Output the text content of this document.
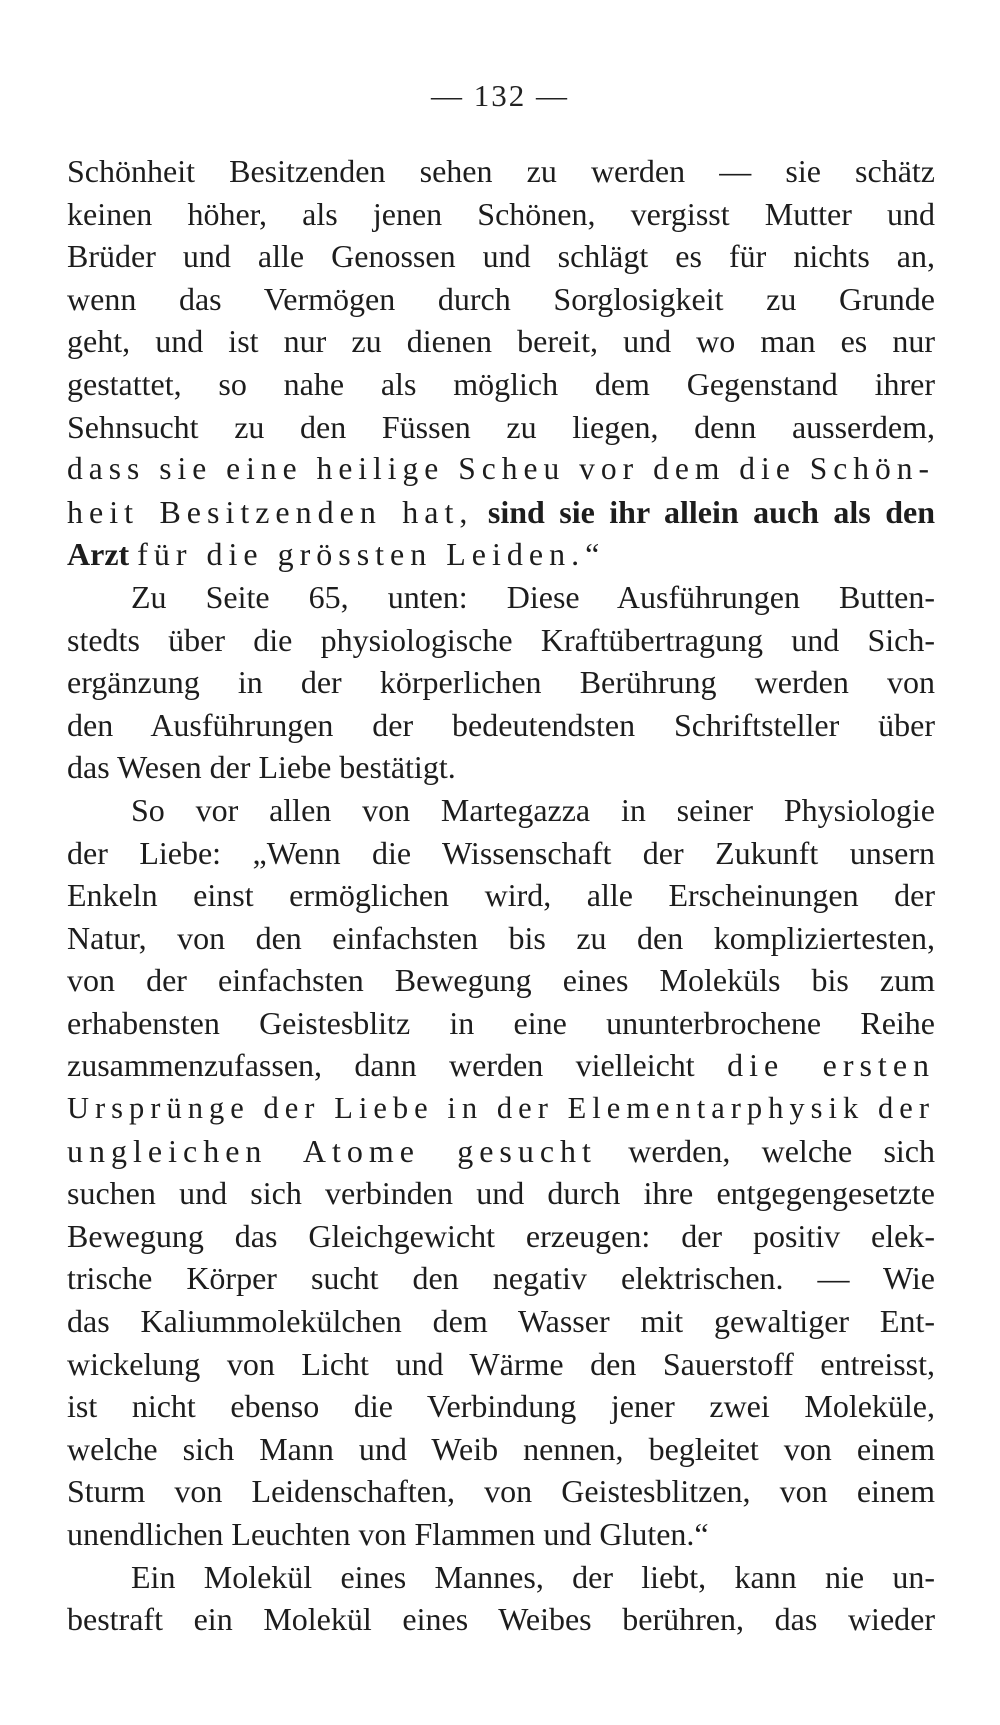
— 132 —
Schönheit Besitzenden sehen zu werden — sie schätz
keinen höher, als jenen Schönen, vergisst Mutter und
Brüder und alle Genossen und schlägt es für nichts an,
wenn das Vermögen durch Sorglosigkeit zu Grunde
geht, und ist nur zu dienen bereit, und wo man es nur
gestattet, so nahe als möglich dem Gegenstand ihrer
Sehnsucht zu den Füssen zu liegen, denn ausserdem,
dass sie eine heilige Scheu vor dem die Schön-
heit Besitzenden hat, sind sie ihr allein auch als den
Arzt für die grössten Leiden.“
Zu Seite 65, unten: Diese Ausführungen Butten-
stedts über die physiologische Kraftübertragung und Sich-
ergänzung in der körperlichen Berührung werden von
den Ausführungen der bedeutendsten Schriftsteller über
das Wesen der Liebe bestätigt.
So vor allen von Martegazza in seiner Physiologie
der Liebe: „Wenn die Wissenschaft der Zukunft unsern
Enkeln einst ermöglichen wird, alle Erscheinungen der
Natur, von den einfachsten bis zu den kompliziertesten,
von der einfachsten Bewegung eines Moleküls bis zum
erhabensten Geistesblitz in eine ununterbrochene Reihe
zusammenzufassen, dann werden vielleicht die ersten
Ursprünge der Liebe in der Elementarphysik der
ungleichen Atome gesucht werden, welche sich
suchen und sich verbinden und durch ihre entgegengesetzte
Bewegung das Gleichgewicht erzeugen: der positiv elek-
trische Körper sucht den negativ elektrischen. — Wie
das Kaliummolekülchen dem Wasser mit gewaltiger Ent-
wickelung von Licht und Wärme den Sauerstoff entreisst,
ist nicht ebenso die Verbindung jener zwei Moleküle,
welche sich Mann und Weib nennen, begleitet von einem
Sturm von Leidenschaften, von Geistesblitzen, von einem
unendlichen Leuchten von Flammen und Gluten.“
Ein Molekül eines Mannes, der liebt, kann nie un-
bestraft ein Molekül eines Weibes berühren, das wieder
